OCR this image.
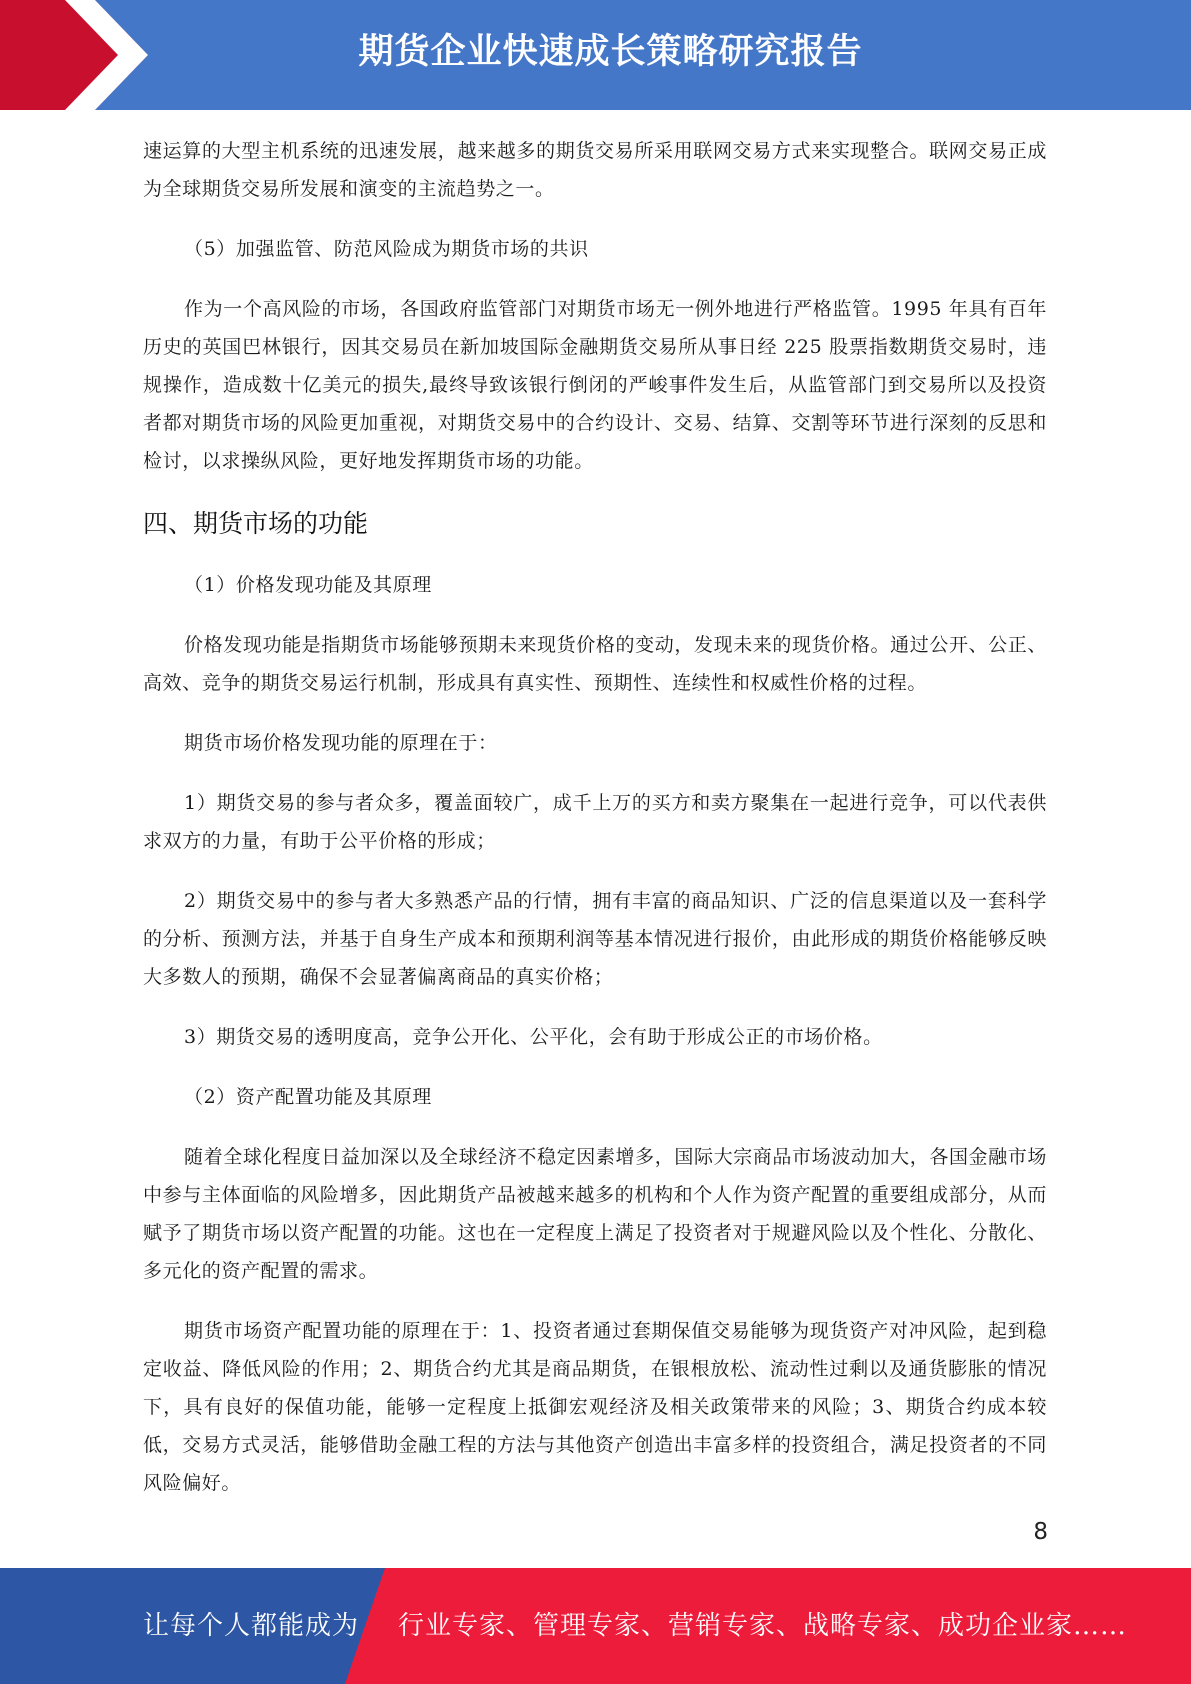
期货企业快速成长策略研究报告

速运算的大型主机系统的迅速发展，越来越多的期货交易所采用联网交易方式来实现整合。联网交易正成为全球期货交易所发展和演变的主流趋势之一。

（5）加强监管、防范风险成为期货市场的共识

作为一个高风险的市场，各国政府监管部门对期货市场无一例外地进行严格监管。1995 年具有百年历史的英国巴林银行，因其交易员在新加坡国际金融期货交易所从事日经 225 股票指数期货交易时，违规操作，造成数十亿美元的损失,最终导致该银行倒闭的严峻事件发生后，从监管部门到交易所以及投资者都对期货市场的风险更加重视，对期货交易中的合约设计、交易、结算、交割等环节进行深刻的反思和检讨，以求操纵风险，更好地发挥期货市场的功能。

四、期货市场的功能

（1）价格发现功能及其原理

价格发现功能是指期货市场能够预期未来现货价格的变动，发现未来的现货价格。通过公开、公正、高效、竞争的期货交易运行机制，形成具有真实性、预期性、连续性和权威性价格的过程。

期货市场价格发现功能的原理在于：

1）期货交易的参与者众多，覆盖面较广，成千上万的买方和卖方聚集在一起进行竞争，可以代表供求双方的力量，有助于公平价格的形成；

2）期货交易中的参与者大多熟悉产品的行情，拥有丰富的商品知识、广泛的信息渠道以及一套科学的分析、预测方法，并基于自身生产成本和预期利润等基本情况进行报价，由此形成的期货价格能够反映大多数人的预期，确保不会显著偏离商品的真实价格；

3）期货交易的透明度高，竞争公开化、公平化，会有助于形成公正的市场价格。

（2）资产配置功能及其原理

随着全球化程度日益加深以及全球经济不稳定因素增多，国际大宗商品市场波动加大，各国金融市场中参与主体面临的风险增多，因此期货产品被越来越多的机构和个人作为资产配置的重要组成部分，从而赋予了期货市场以资产配置的功能。这也在一定程度上满足了投资者对于规避风险以及个性化、分散化、多元化的资产配置的需求。

期货市场资产配置功能的原理在于：1、投资者通过套期保值交易能够为现货资产对冲风险，起到稳定收益、降低风险的作用；2、期货合约尤其是商品期货，在银根放松、流动性过剩以及通货膨胀的情况下，具有良好的保值功能，能够一定程度上抵御宏观经济及相关政策带来的风险；3、期货合约成本较低，交易方式灵活，能够借助金融工程的方法与其他资产创造出丰富多样的投资组合，满足投资者的不同风险偏好。

8
让每个人都能成为 行业专家、管理专家、营销专家、战略专家、成功企业家……
